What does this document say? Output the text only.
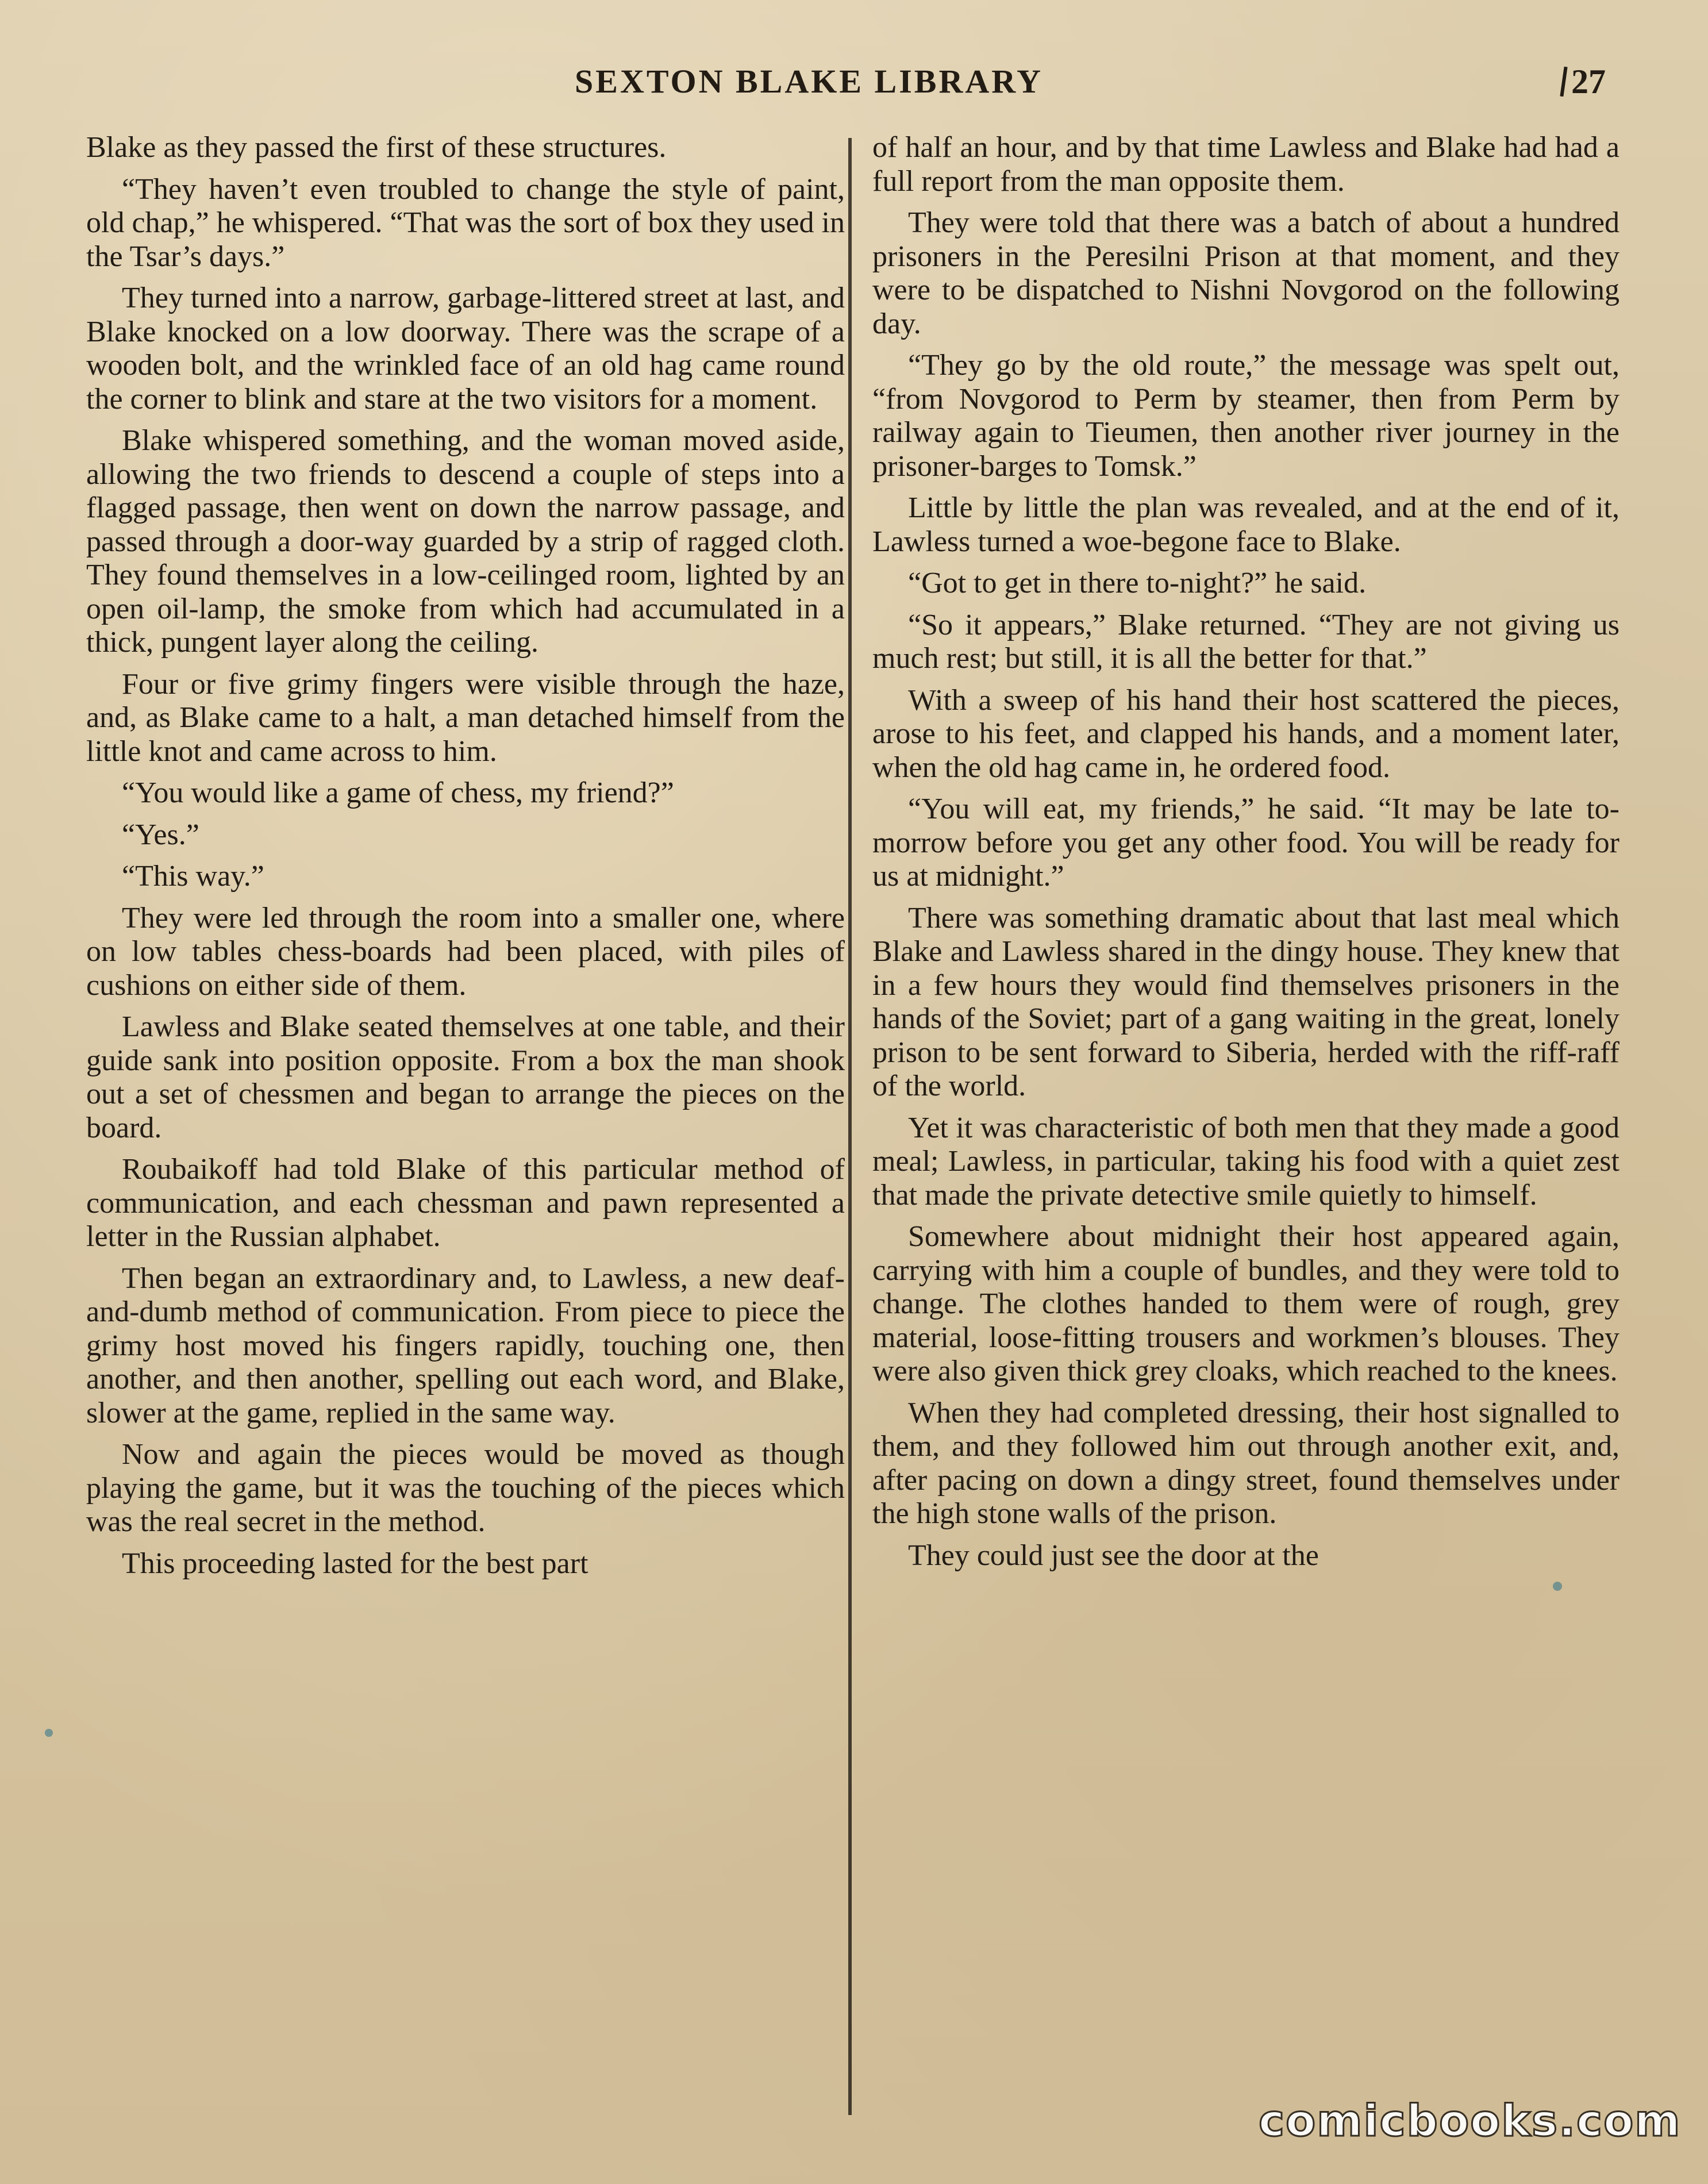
SEXTON BLAKE LIBRARY	27

Blake as they passed the first of these structures.

“They haven’t even troubled to change the style of paint, old chap,” he whispered. “That was the sort of box they used in the Tsar’s days.”

They turned into a narrow, garbage-littered street at last, and Blake knocked on a low doorway. There was the scrape of a wooden bolt, and the wrinkled face of an old hag came round the corner to blink and stare at the two visitors for a moment.

Blake whispered something, and the woman moved aside, allowing the two friends to descend a couple of steps into a flagged passage, then went on down the narrow passage, and passed through a door-way guarded by a strip of ragged cloth. They found themselves in a low-ceilinged room, lighted by an open oil-lamp, the smoke from which had accumulated in a thick, pungent layer along the ceiling.

Four or five grimy fingers were visible through the haze, and, as Blake came to a halt, a man detached himself from the little knot and came across to him.

“You would like a game of chess, my friend?”

“Yes.”

“This way.”

They were led through the room into a smaller one, where on low tables chess-boards had been placed, with piles of cushions on either side of them.

Lawless and Blake seated themselves at one table, and their guide sank into position opposite. From a box the man shook out a set of chessmen and began to arrange the pieces on the board.

Roubaikoff had told Blake of this particular method of communication, and each chessman and pawn represented a letter in the Russian alphabet.

Then began an extraordinary and, to Lawless, a new deaf-and-dumb method of communication. From piece to piece the grimy host moved his fingers rapidly, touching one, then another, and then another, spelling out each word, and Blake, slower at the game, replied in the same way.

Now and again the pieces would be moved as though playing the game, but it was the touching of the pieces which was the real secret in the method.

This proceeding lasted for the best part

of half an hour, and by that time Lawless and Blake had had a full report from the man opposite them.

They were told that there was a batch of about a hundred prisoners in the Peresilni Prison at that moment, and they were to be dispatched to Nishni Novgorod on the following day.

“They go by the old route,” the message was spelt out, “from Novgorod to Perm by steamer, then from Perm by railway again to Tieumen, then another river journey in the prisoner-barges to Tomsk.”

Little by little the plan was revealed, and at the end of it, Lawless turned a woe-begone face to Blake.

“Got to get in there to-night?” he said.

“So it appears,” Blake returned. “They are not giving us much rest; but still, it is all the better for that.”

With a sweep of his hand their host scattered the pieces, arose to his feet, and clapped his hands, and a moment later, when the old hag came in, he ordered food.

“You will eat, my friends,” he said. “It may be late to-morrow before you get any other food. You will be ready for us at midnight.”

There was something dramatic about that last meal which Blake and Lawless shared in the dingy house. They knew that in a few hours they would find themselves prisoners in the hands of the Soviet; part of a gang waiting in the great, lonely prison to be sent forward to Siberia, herded with the riff-raff of the world.

Yet it was characteristic of both men that they made a good meal; Lawless, in particular, taking his food with a quiet zest that made the private detective smile quietly to himself.

Somewhere about midnight their host appeared again, carrying with him a couple of bundles, and they were told to change. The clothes handed to them were of rough, grey material, loose-fitting trousers and workmen’s blouses. They were also given thick grey cloaks, which reached to the knees.

When they had completed dressing, their host signalled to them, and they followed him out through another exit, and, after pacing on down a dingy street, found themselves under the high stone walls of the prison.

They could just see the door at the

comicbooks.com
